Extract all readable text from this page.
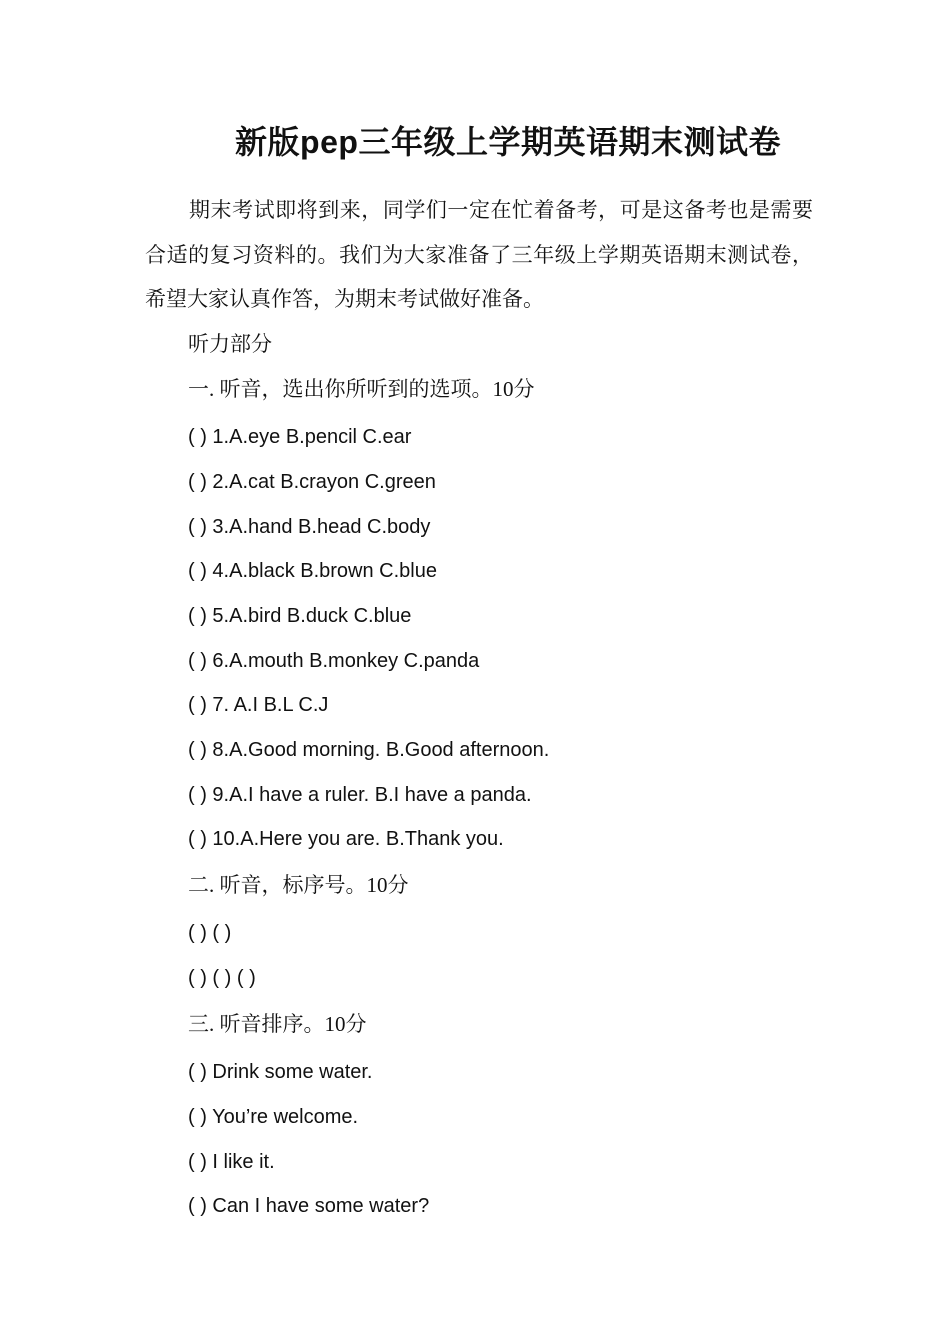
新版pep三年级上学期英语期末测试卷

期末考试即将到来，同学们一定在忙着备考，可是这备考也是需要合适的复习资料的。我们为大家准备了三年级上学期英语期末测试卷，希望大家认真作答，为期末考试做好准备。

听力部分

一. 听音，选出你所听到的选项。10分

( ) 1.A.eye B.pencil C.ear

( ) 2.A.cat B.crayon C.green

( ) 3.A.hand B.head C.body

( ) 4.A.black B.brown C.blue

( ) 5.A.bird B.duck C.blue

( ) 6.A.mouth B.monkey C.panda

( ) 7. A.I B.L C.J

( ) 8.A.Good morning. B.Good afternoon.

( ) 9.A.I have a ruler. B.I have a panda.

( ) 10.A.Here you are. B.Thank you.

二. 听音，标序号。10分

( ) ( )

( ) ( ) ( )

三. 听音排序。10分

( ) Drink some water.

( ) You’re welcome.

( ) I like it.

( ) Can I have some water?
